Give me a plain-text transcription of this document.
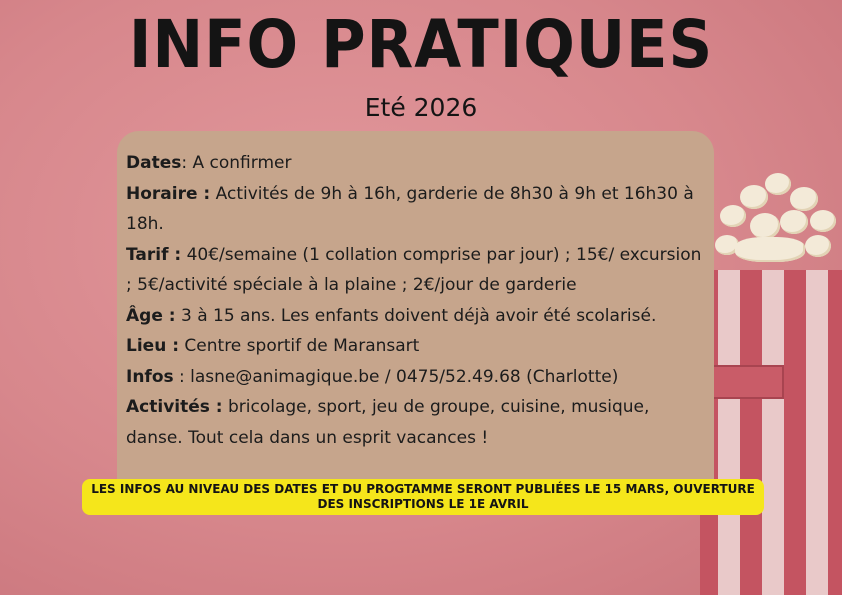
INFO PRATIQUES
Eté 2026

Dates: A confirmer

Horaire : Activités de 9h à 16h, garderie de 8h30 à 9h et 16h30 à 18h.

Tarif : 40€/semaine (1 collation comprise par jour) ; 15€/ excursion ; 5€/activité spéciale à la plaine ; 2€/jour de garderie

Âge : 3 à 15 ans. Les enfants doivent déjà avoir été scolarisé.

Lieu : Centre sportif de Maransart

Infos : lasne@animagique.be / 0475/52.49.68 (Charlotte)

Activités : bricolage, sport, jeu de groupe, cuisine, musique, danse. Tout cela dans un esprit vacances !

LES INFOS AU NIVEAU DES DATES ET DU PROGTAMME SERONT PUBLIÉES LE 15 MARS, OUVERTURE DES INSCRIPTIONS LE 1E AVRIL
